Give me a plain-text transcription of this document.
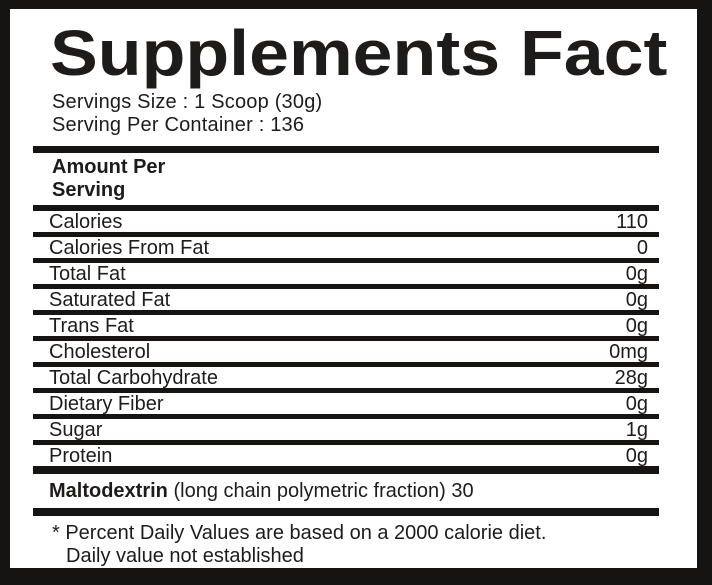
Supplements Fact
Servings Size : 1 Scoop (30g)
Serving Per Container : 136
Amount Per
Serving
Calories	110
Calories From Fat	0
Total Fat	0g
Saturated Fat	0g
Trans Fat	0g
Cholesterol	0mg
Total Carbohydrate	28g
Dietary Fiber	0g
Sugar	1g
Protein	0g
Maltodextrin (long chain polymetric fraction) 30
* Percent Daily Values are based on a 2000 calorie diet.
Daily value not established
